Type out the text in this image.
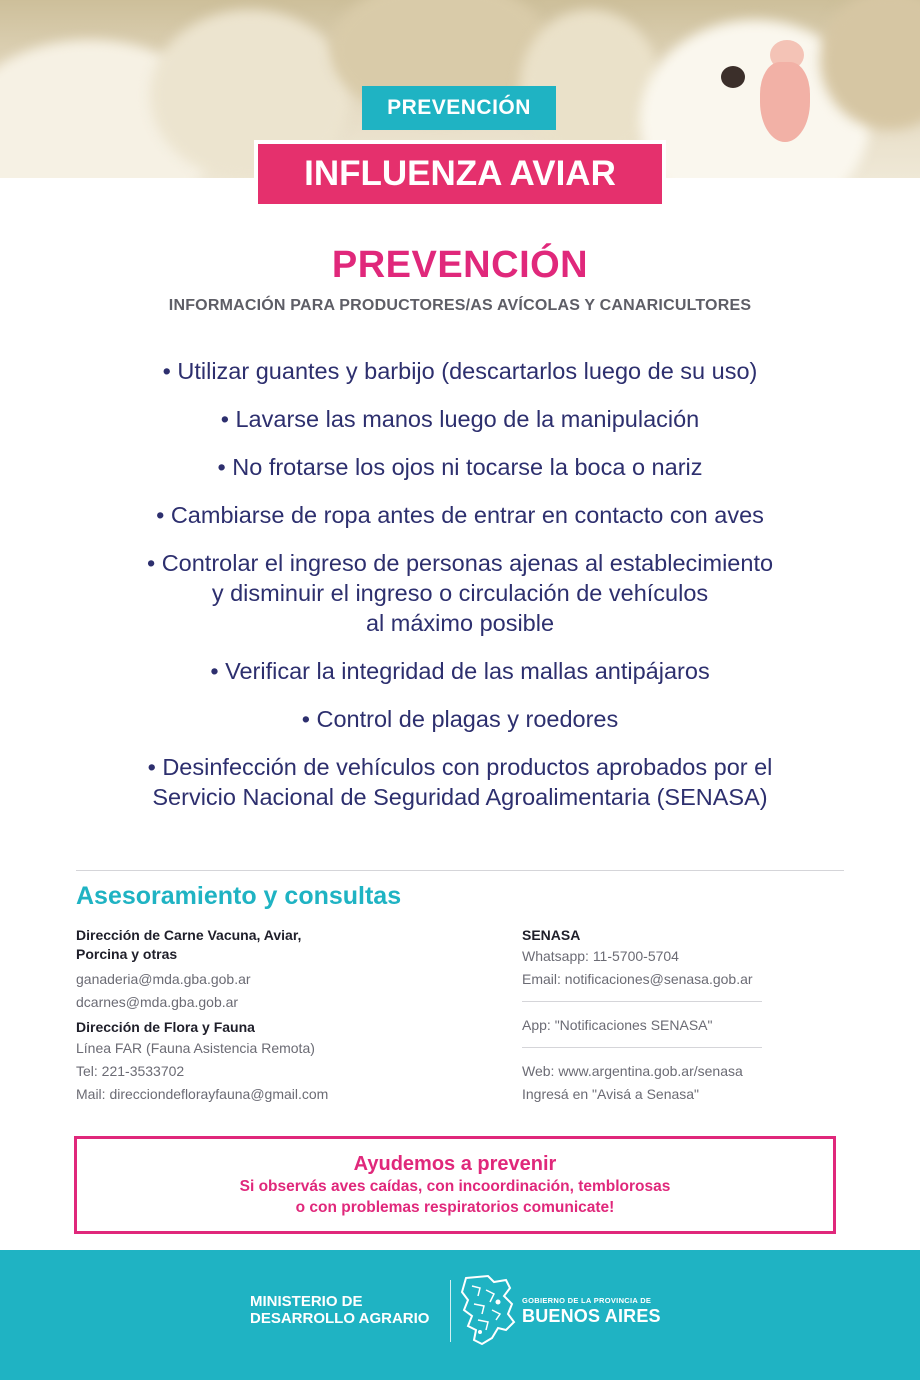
PREVENCIÓN
INFLUENZA AVIAR
PREVENCIÓN
INFORMACIÓN PARA PRODUCTORES/AS AVÍCOLAS Y CANARICULTORES
• Utilizar guantes y barbijo (descartarlos luego de su uso)
• Lavarse las manos luego de la manipulación
• No frotarse los ojos ni tocarse la boca o nariz
• Cambiarse de ropa antes de entrar en contacto con aves
• Controlar el ingreso de personas ajenas al establecimiento
y disminuir el ingreso o circulación de vehículos
al máximo posible
• Verificar la integridad de las mallas antipájaros
• Control de plagas y roedores
• Desinfección de vehículos con productos aprobados por el
Servicio Nacional de Seguridad Agroalimentaria (SENASA)
Asesoramiento y consultas
Dirección de Carne Vacuna, Aviar,
Porcina y otras
ganaderia@mda.gba.gob.ar
dcarnes@mda.gba.gob.ar
Dirección de Flora y Fauna
Línea FAR (Fauna Asistencia Remota)
Tel: 221-3533702
Mail: direcciondeflorayfauna@gmail.com
SENASA
Whatsapp: 11-5700-5704
Email: notificaciones@senasa.gob.ar
App: "Notificaciones SENASA"
Web: www.argentina.gob.ar/senasa
Ingresá en "Avisá a Senasa"
Ayudemos a prevenir
Si observás aves caídas, con incoordinación, temblorosas
o con problemas respiratorios comunicate!
MINISTERIO DE
DESARROLLO AGRARIO
GOBIERNO DE LA PROVINCIA DE
BUENOS AIRES
